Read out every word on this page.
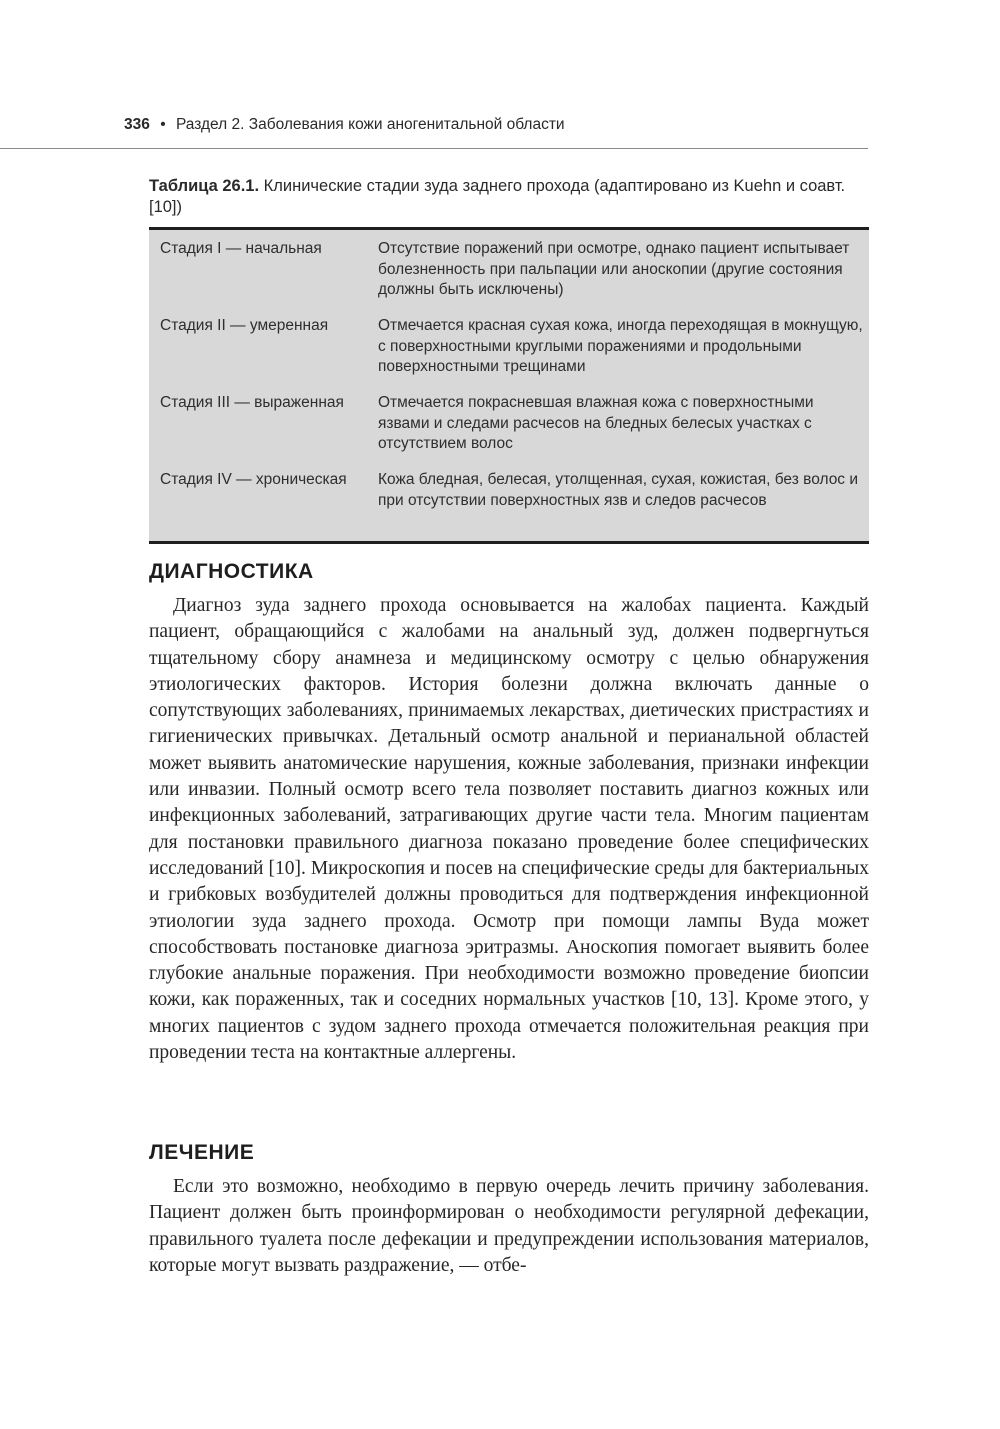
336 • Раздел 2. Заболевания кожи аногенитальной области
Таблица 26.1. Клинические стадии зуда заднего прохода (адаптировано из Kuehn и соавт. [10])
Стадия I — начальная	Отсутствие поражений при осмотре, однако пациент испытывает болезненность при пальпации или аноскопии (другие состояния должны быть исключены)
Стадия II — умеренная	Отмечается красная сухая кожа, иногда переходящая в мокнущую, с поверхностными круглыми поражениями и продольными поверхностными трещинами
Стадия III — выраженная	Отмечается покрасневшая влажная кожа с поверхностными язвами и следами расчесов на бледных белесых участках с отсутствием волос
Стадия IV — хроническая	Кожа бледная, белесая, утолщенная, сухая, кожистая, без волос и при отсутствии поверхностных язв и следов расчесов
ДИАГНОСТИКА

Диагноз зуда заднего прохода основывается на жалобах пациента. Каждый пациент, обращающийся с жалобами на анальный зуд, должен подвергнуться тщательному сбору анамнеза и медицинскому осмотру с целью обнаружения этиологических факторов. История болезни должна включать данные о сопутствующих заболеваниях, принимаемых лекарствах, диетических пристрастиях и гигиенических привычках. Детальный осмотр анальной и перианальной областей может выявить анатомические нарушения, кожные заболевания, признаки инфекции или инвазии. Полный осмотр всего тела позволяет поставить диагноз кожных или инфекционных заболеваний, затрагивающих другие части тела. Многим пациентам для постановки правильного диагноза показано проведение более специфических исследований [10]. Микроскопия и посев на специфические среды для бактериальных и грибковых возбудителей должны проводиться для подтверждения инфекционной этиологии зуда заднего прохода. Осмотр при помощи лампы Вуда может способствовать постановке диагноза эритразмы. Аноскопия помогает выявить более глубокие анальные поражения. При необходимости возможно проведение биопсии кожи, как пораженных, так и соседних нормальных участков [10, 13]. Кроме этого, у многих пациентов с зудом заднего прохода отмечается положительная реакция при проведении теста на контактные аллергены.

ЛЕЧЕНИЕ

Если это возможно, необходимо в первую очередь лечить причину заболевания. Пациент должен быть проинформирован о необходимости регулярной дефекации, правильного туалета после дефекации и предупреждении использования материалов, которые могут вызвать раздражение, — отбе-
